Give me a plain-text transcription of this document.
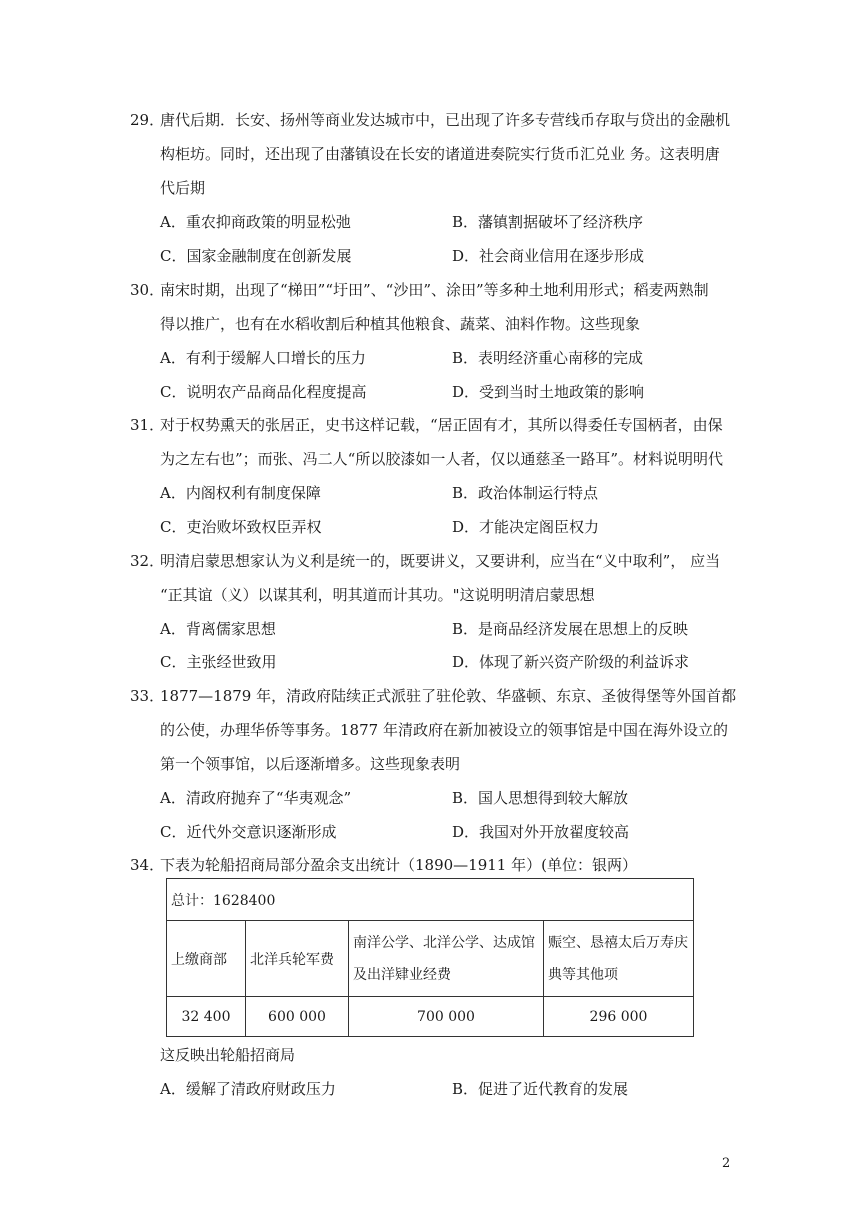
29．
唐代后期．长安、扬州等商业发达城市中，已出现了许多专营线币存取与贷出的金融机
构柜坊。同时，还出现了由藩镇设在长安的诸道进奏院实行货币汇兑业 务。这表明唐
代后期
A．重农抑商政策的明显松弛	B．藩镇割据破坏了经济秩序
C．国家金融制度在创新发展	D．社会商业信用在逐步形成
30．
南宋时期，出现了“梯田”“圩田”、“沙田”、涂田”等多种土地利用形式；稻麦两熟制
得以推广，也有在水稻收割后种植其他粮食、蔬菜、油料作物。这些现象
A．有利于缓解人口增长的压力	B．表明经济重心南移的完成
C．说明农产品商品化程度提高	D．受到当时土地政策的影响
31．
对于权势熏天的张居正，史书这样记载，“居正固有才，其所以得委任专国柄者，由保
为之左右也”；而张、冯二人“所以胶漆如一人者，仅以通慈圣一路耳”。材料说明明代
A．内阁权利有制度保障	B．政治体制运行特点
C．吏治败坏致权臣弄权	D．才能决定阁臣权力
32．
明清启蒙思想家认为义利是统一的，既要讲义，又要讲利，应当在“义中取利”， 应当
“正其谊（义）以谋其利，明其道而计其功。"这说明明清启蒙思想
A．背离儒家思想	B．是商品经济发展在思想上的反映
C．主张经世致用	D．体现了新兴资产阶级的利益诉求
33．
1877—1879 年，清政府陆续正式派驻了驻伦敦、华盛顿、东京、圣彼得堡等外国首都
的公使，办理华侨等事务。1877 年清政府在新加被设立的领事馆是中国在海外设立的
第一个领事馆，以后逐渐增多。这些现象表明
A．清政府抛弃了“华夷观念”	B．国人思想得到较大解放
C．近代外交意识逐渐形成	D．我国对外开放翟度较高
34．
下表为轮船招商局部分盈余支出统计（1890—1911 年）(单位：银两）
总计：1628400			
上缴商部	北洋兵轮军费	南洋公学、北洋公学、达成馆及出洋肄业经费	赈空、恳禧太后万寿庆典等其他项
32 400	600 000	700 000	296 000
这反映出轮船招商局
A．缓解了清政府财政压力	B．促进了近代教育的发展
2
